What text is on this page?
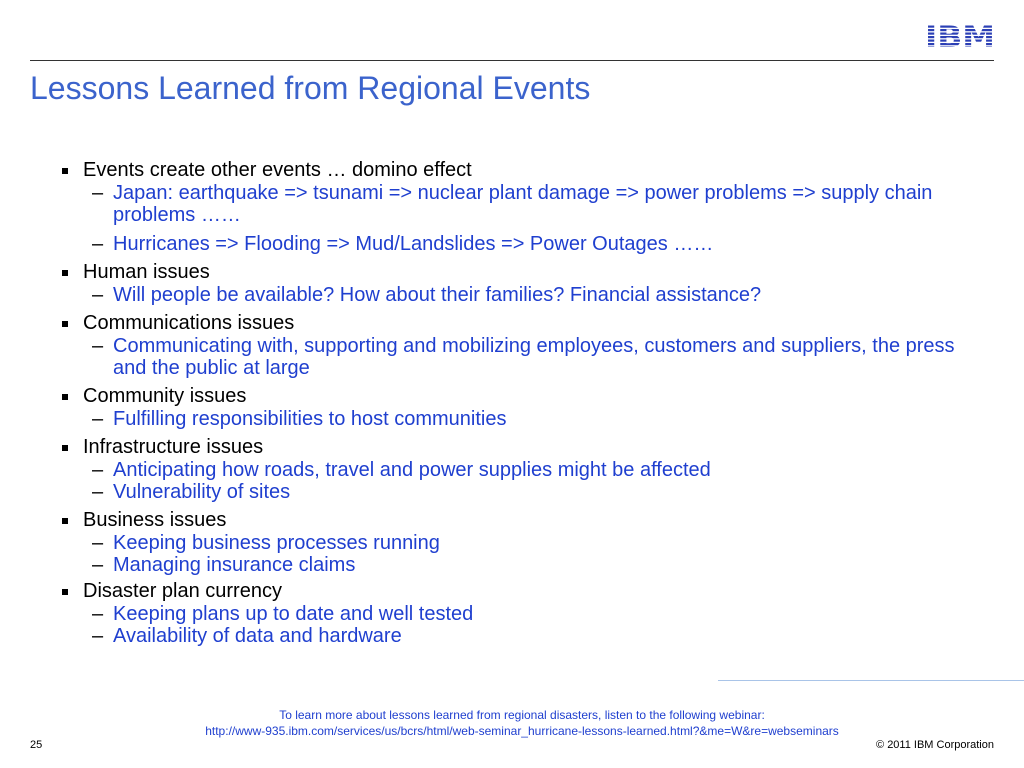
Lessons Learned from Regional Events
Events create other events … domino effect
– Japan: earthquake => tsunami => nuclear plant damage => power problems => supply chain problems ……
– Hurricanes => Flooding => Mud/Landslides => Power Outages ……
Human issues
– Will people be available? How about their families? Financial assistance?
Communications issues
– Communicating with, supporting and mobilizing employees, customers and suppliers, the press and the public at large
Community issues
– Fulfilling responsibilities to host communities
Infrastructure issues
– Anticipating how roads, travel and power supplies might be affected
– Vulnerability of sites
Business issues
– Keeping business processes running
– Managing insurance claims
Disaster plan currency
– Keeping plans up to date and well tested
– Availability of data and hardware
To learn more about lessons learned from regional disasters, listen to the following webinar:
http://www-935.ibm.com/services/us/bcrs/html/web-seminar_hurricane-lessons-learned.html?&me=W&re=webseminars
25	© 2011 IBM Corporation
